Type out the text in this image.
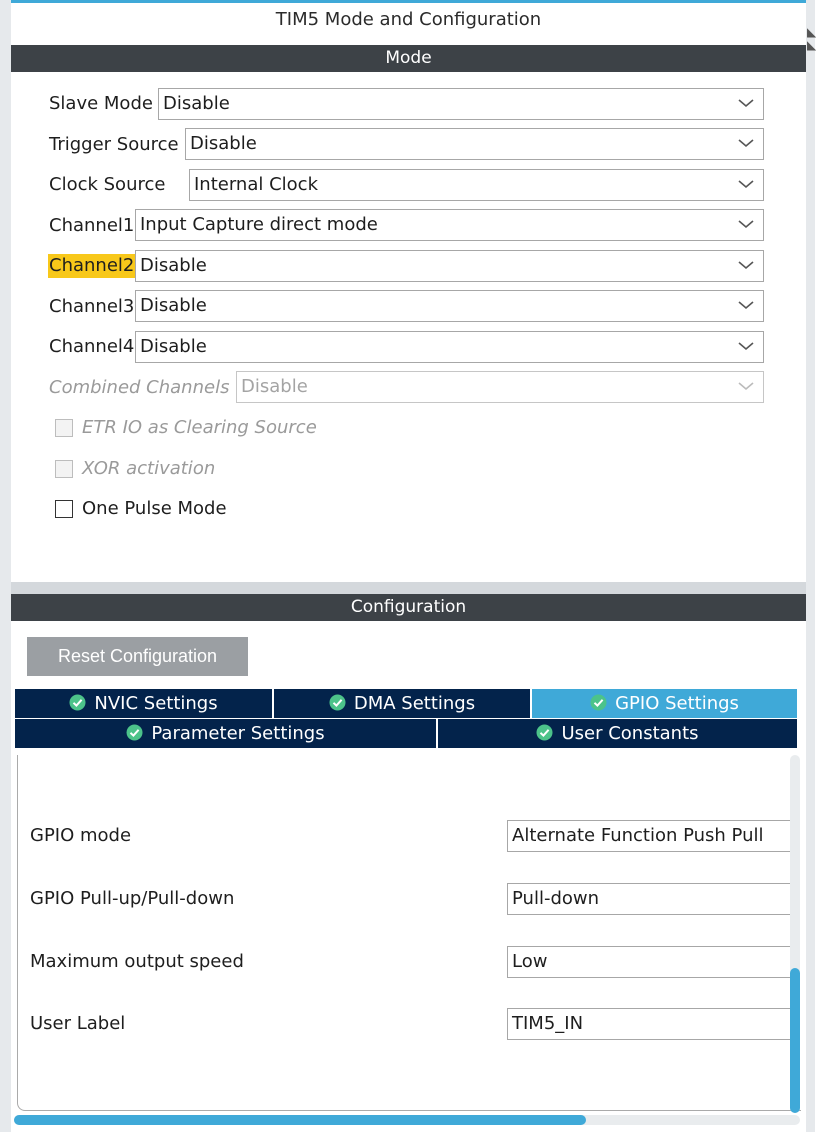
◣
◣
TIM5 Mode and Configuration
Mode
Slave Mode Disable
Trigger Source Disable
Clock Source Internal Clock
Channel1 Input Capture direct mode
Channel2 Disable
Channel3 Disable
Channel4 Disable
Combined Channels Disable
ETR IO as Clearing Source
XOR activation
One Pulse Mode
Configuration
Reset Configuration
NVIC Settings	DMA Settings	GPIO Settings
Parameter Settings	User Constants
GPIO mode	Alternate Function Push Pull
GPIO Pull-up/Pull-down	Pull-down
Maximum output speed	Low
User Label	TIM5_IN
